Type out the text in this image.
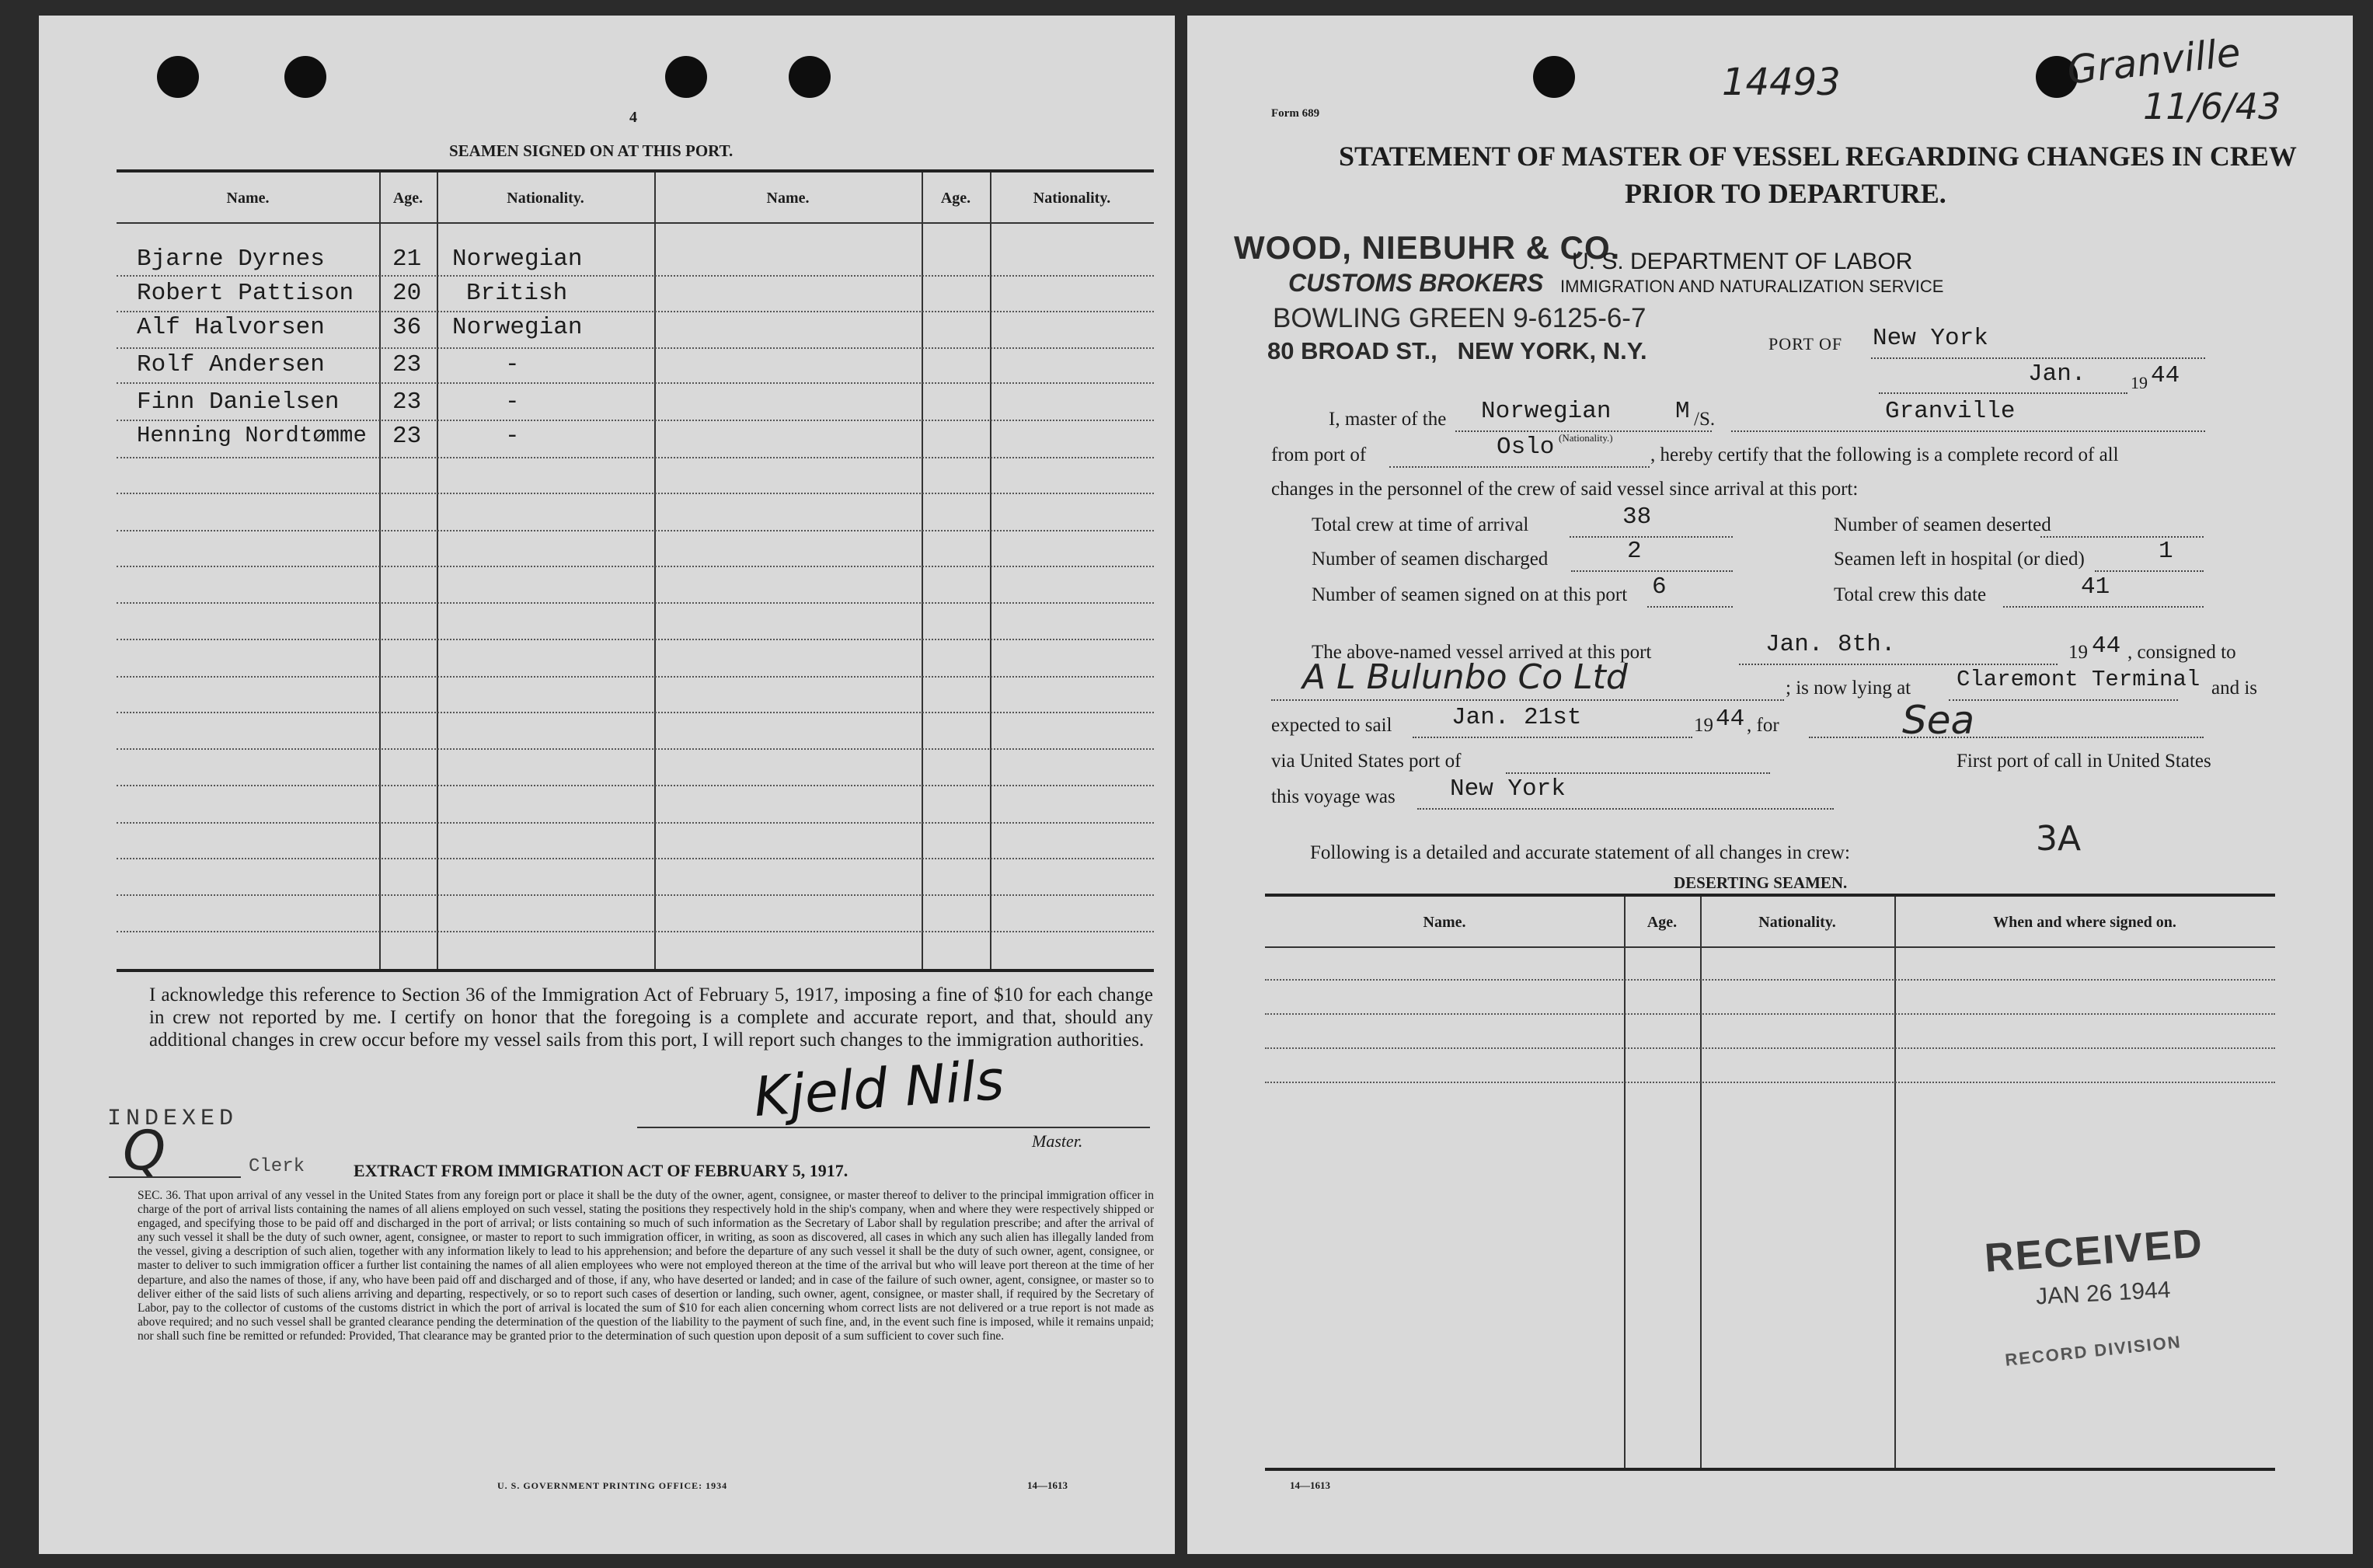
4
SEAMEN SIGNED ON AT THIS PORT.
Name.	Age.	Nationality.	Name.	Age.	Nationality.
Bjarne Dyrnes	21 Norwegian
Robert Pattison 20 British
Alf Halvorsen	36 Norwegian
Rolf Andersen	23	-
Finn Danielsen 23	-
Henning Nordtømme 23	-
I acknowledge this reference to Section 36 of the Immigration Act of February 5, 1917, imposing a fine of $10 for each change in crew not reported by me. I certify on honor that the foregoing is a complete and accurate report, and that, should any additional changes in crew occur before my vessel sails from this port, I will report such changes to the immigration authorities.
INDEXED
Q	Clerk
Kjeld Nils
Master.
EXTRACT FROM IMMIGRATION ACT OF FEBRUARY 5, 1917.
SEC. 36. That upon arrival of any vessel in the United States from any foreign port or place it shall be the duty of the owner, agent, consignee, or master thereof to deliver to the principal immigration officer in charge of the port of arrival lists containing the names of all aliens employed on such vessel, stating the positions they respectively hold in the ship's company, when and where they were respectively shipped or engaged, and specifying those to be paid off and discharged in the port of arrival; or lists containing so much of such information as the Secretary of Labor shall by regulation prescribe; and after the arrival of any such vessel it shall be the duty of such owner, agent, consignee, or master to report to such immigration officer, in writing, as soon as discovered, all cases in which any such alien has illegally landed from the vessel, giving a description of such alien, together with any information likely to lead to his apprehension; and before the departure of any such vessel it shall be the duty of such owner, agent, consignee, or master to deliver to such immigration officer a further list containing the names of all alien employees who were not employed thereon at the time of the arrival but who will leave port thereon at the time of her departure, and also the names of those, if any, who have been paid off and discharged and of those, if any, who have deserted or landed; and in case of the failure of such owner, agent, consignee, or master so to deliver either of the said lists of such aliens arriving and departing, respectively, or so to report such cases of desertion or landing, such owner, agent, consignee, or master shall, if required by the Secretary of Labor, pay to the collector of customs of the customs district in which the port of arrival is located the sum of $10 for each alien concerning whom correct lists are not delivered or a true report is not made as above required; and no such vessel shall be granted clearance pending the determination of the question of the liability to the payment of such fine, and, in the event such fine is imposed, while it remains unpaid; nor shall such fine be remitted or refunded: Provided, That clearance may be granted prior to the determination of such question upon deposit of a sum sufficient to cover such fine.
U. S. GOVERNMENT PRINTING OFFICE: 1934	14—1613
14493	Granville
11/6/43
Form 689
STATEMENT OF MASTER OF VESSEL REGARDING CHANGES IN CREW
PRIOR TO DEPARTURE.
WOOD, NIEBUHR & CO.
CUSTOMS BROKERS
BOWLING GREEN 9-6125-6-7
80 BROAD ST.,   NEW YORK, N.Y.
U. S. DEPARTMENT OF LABOR
IMMIGRATION AND NATURALIZATION SERVICE
PORT OF New York
Jan.	19 44
I, master of the Norwegian	M /S.	Granville
from port of	Oslo (Nationality.)
, hereby certify that the following is a complete record of all
changes in the personnel of the crew of said vessel since arrival at this port:
Total crew at time of arrival	38	Number of seamen deserted
Number of seamen discharged	2	Seamen left in hospital (or died)	1
Number of seamen signed on at this port 6	Total crew this date	41
The above-named vessel arrived at this port	Jan. 8th.	19 44 , consigned to
A L Bulunbo Co Ltd	; is now lying at Claremont Terminal and is
expected to sail Jan. 21st	19 44 , for	Sea
via United States port of	First port of call in United States
this voyage was New York
Following is a detailed and accurate statement of all changes in crew:	3A
DESERTING SEAMEN.
Name.	Age.	Nationality.	When and where signed on.
RECEIVED
JAN 26 1944
RECORD DIVISION
14—1613
